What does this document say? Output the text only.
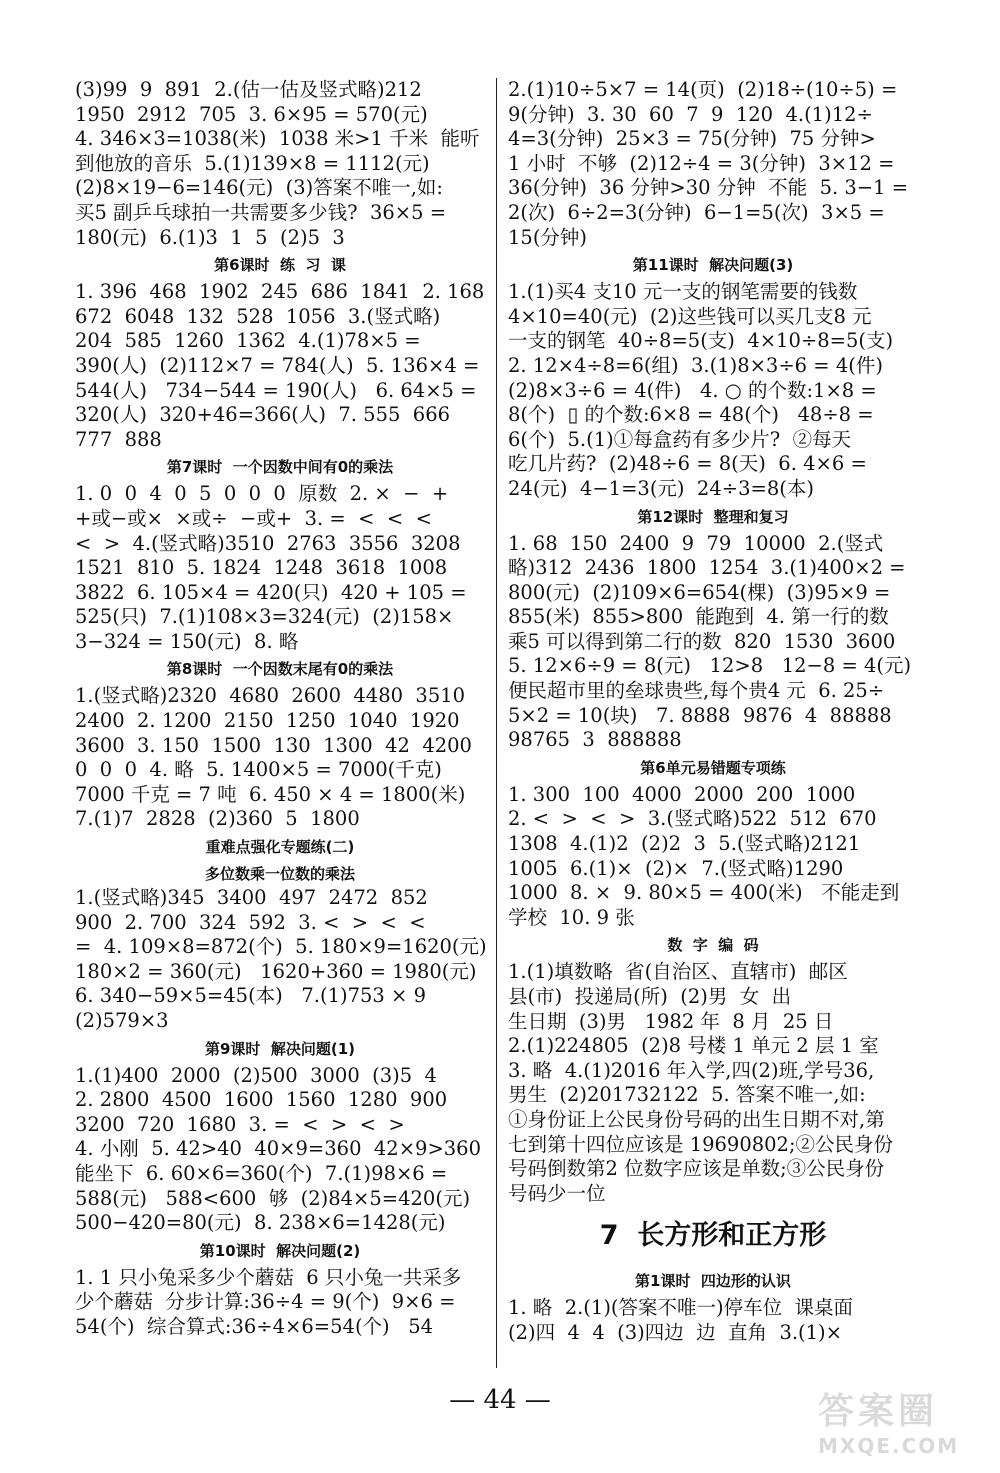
(3)99  9  891  2.(估一估及竖式略)212
1950  2912  705  3. 6×95 = 570(元)
4. 346×3=1038(米)  1038 米>1 千米  能听
到他放的音乐  5.(1)139×8 = 1112(元)
(2)8×19−6=146(元)  (3)答案不唯一,如:
买5 副乒乓球拍一共需要多少钱?  36×5 =
180(元)  6.(1)3  1  5  (2)5  3
第6课时  练  习  课
1. 396  468  1902  245  686  1841  2. 168
672  6048  132  528  1056  3.(竖式略)
204  585  1260  1362  4.(1)78×5 =
390(人)  (2)112×7 = 784(人)  5. 136×4 =
544(人)   734−544 = 190(人)   6. 64×5 =
320(人)  320+46=366(人)  7. 555  666
777  888
第7课时  一个因数中间有0的乘法
1. 0  0  4  0  5  0  0  0  原数  2. ×  −  +
+或−或×  ×或÷  −或+  3. =  <  <  <
<  >  4.(竖式略)3510  2763  3556  3208
1521  810  5. 1824  1248  3618  1008
3822  6. 105×4 = 420(只)  420 + 105 =
525(只)  7.(1)108×3=324(元)  (2)158×
3−324 = 150(元)  8. 略
第8课时  一个因数末尾有0的乘法
1.(竖式略)2320  4680  2600  4480  3510
2400  2. 1200  2150  1250  1040  1920
3600  3. 150  1500  130  1300  42  4200
0  0  0  4. 略  5. 1400×5 = 7000(千克)
7000 千克 = 7 吨  6. 450 × 4 = 1800(米)
7.(1)7  2828  (2)360  5  1800
重难点强化专题练(二)
多位数乘一位数的乘法
1.(竖式略)345  3400  497  2472  852
900  2. 700  324  592  3. <  >  <  <
=  4. 109×8=872(个)  5. 180×9=1620(元)
180×2 = 360(元)   1620+360 = 1980(元)
6. 340−59×5=45(本)   7.(1)753 × 9
(2)579×3
第9课时  解决问题(1)
1.(1)400  2000  (2)500  3000  (3)5  4
2. 2800  4500  1600  1560  1280  900
3200  720  1680  3. =  <  >  <  >
4. 小刚  5. 42>40  40×9=360  42×9>360
能坐下  6. 60×6=360(个)  7.(1)98×6 =
588(元)   588<600  够  (2)84×5=420(元)
500−420=80(元)  8. 238×6=1428(元)
第10课时  解决问题(2)
1. 1 只小兔采多少个蘑菇  6 只小兔一共采多
少个蘑菇  分步计算:36÷4 = 9(个)  9×6 =
54(个)  综合算式:36÷4×6=54(个)   54
2.(1)10÷5×7 = 14(页)  (2)18÷(10÷5) =
9(分钟)  3. 30  60  7  9  120  4.(1)12÷
4=3(分钟)  25×3 = 75(分钟)  75 分钟>
1 小时  不够  (2)12÷4 = 3(分钟)  3×12 =
36(分钟)  36 分钟>30 分钟  不能  5. 3−1 =
2(次)  6÷2=3(分钟)  6−1=5(次)  3×5 =
15(分钟)
第11课时  解决问题(3)
1.(1)买4 支10 元一支的钢笔需要的钱数
4×10=40(元)  (2)这些钱可以买几支8 元
一支的钢笔  40÷8=5(支)  4×10÷8=5(支)
2. 12×4÷8=6(组)  3.(1)8×3÷6 = 4(件)
(2)8×3÷6 = 4(件)   4. ○ 的个数:1×8 =
8(个)  ▯ 的个数:6×8 = 48(个)   48÷8 =
6(个)  5.(1)①每盒药有多少片?  ②每天
吃几片药?  (2)48÷6 = 8(天)  6. 4×6 =
24(元)  4−1=3(元)  24÷3=8(本)
第12课时  整理和复习
1. 68  150  2400  9  79  10000  2.(竖式
略)312  2436  1800  1254  3.(1)400×2 =
800(元)  (2)109×6=654(棵)  (3)95×9 =
855(米)  855>800  能跑到  4. 第一行的数
乘5 可以得到第二行的数  820  1530  3600
5. 12×6÷9 = 8(元)   12>8   12−8 = 4(元)
便民超市里的垒球贵些,每个贵4 元  6. 25÷
5×2 = 10(块)   7. 8888  9876  4  88888
98765  3  888888
第6单元易错题专项练
1. 300  100  4000  2000  200  1000
2. <  >  <  >  3.(竖式略)522  512  670
1308  4.(1)2  (2)2  3  5.(竖式略)2121
1005  6.(1)×  (2)×  7.(竖式略)1290
1000  8. ×  9. 80×5 = 400(米)   不能走到
学校  10. 9 张
数  字  编  码
1.(1)填数略  省(自治区、直辖市)  邮区
县(市)  投递局(所)  (2)男  女  出
生日期  (3)男   1982 年  8 月  25 日
2.(1)224805  (2)8 号楼 1 单元 2 层 1 室
3. 略  4.(1)2016 年入学,四(2)班,学号36,
男生  (2)201732122  5. 答案不唯一,如:
①身份证上公民身份号码的出生日期不对,第
七到第十四位应该是 19690802;②公民身份
号码倒数第2 位数字应该是单数;③公民身份
号码少一位
7  长方形和正方形
第1课时  四边形的认识
1. 略  2.(1)(答案不唯一)停车位  课桌面
(2)四  4  4  (3)四边  边  直角  3.(1)×
— 44 —	答案圈
MXQE.COM
